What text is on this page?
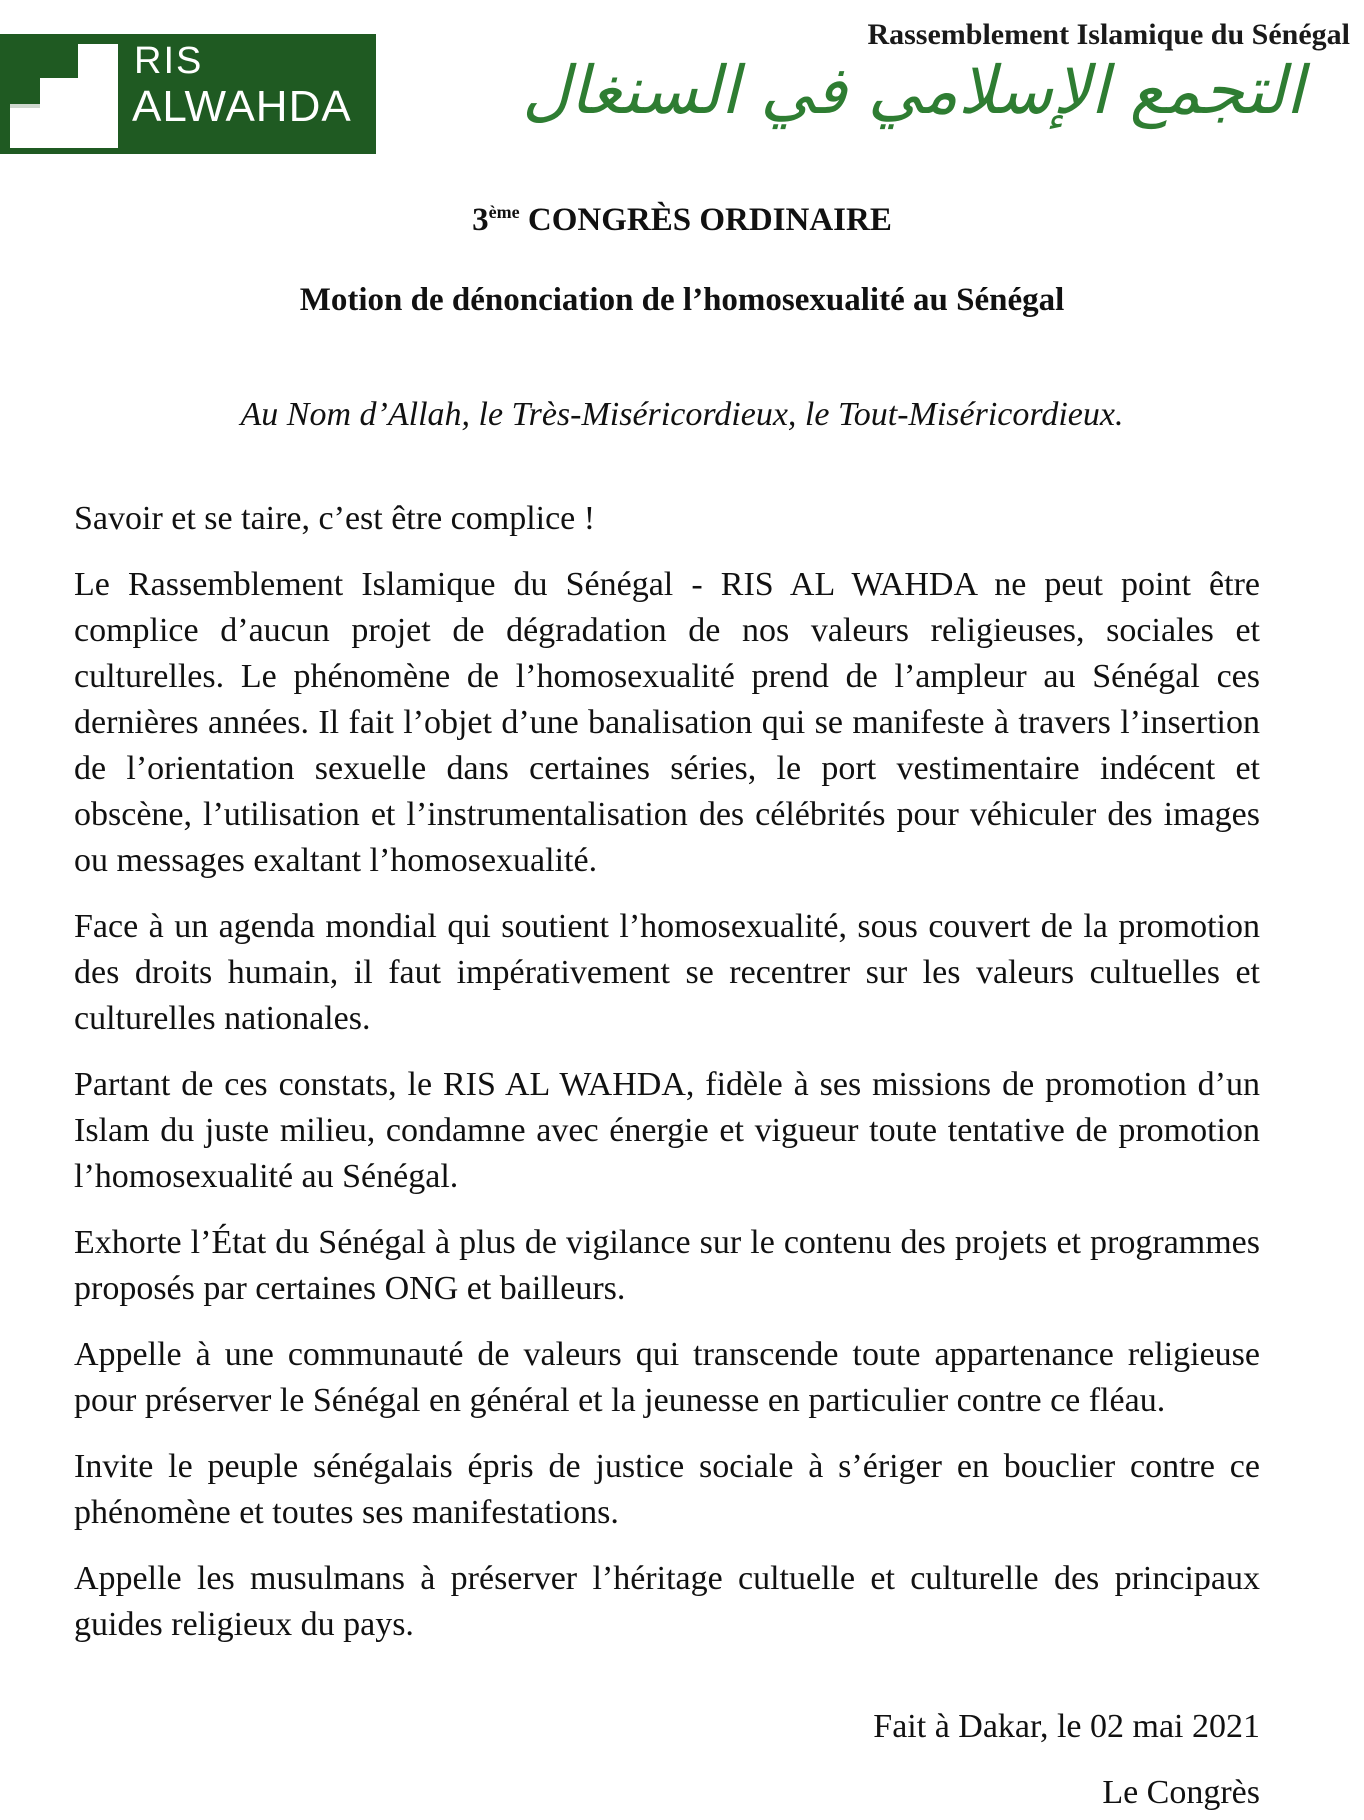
RIS
ALWAHDA
Rassemblement Islamique du Sénégal
التجمع الإسلامي في السنغال
3ème CONGRÈS ORDINAIRE
Motion de dénonciation de l’homosexualité au Sénégal
Au Nom d’Allah, le Très-Miséricordieux, le Tout-Miséricordieux.

Savoir et se taire, c’est être complice !

Le Rassemblement Islamique du Sénégal - RIS AL WAHDA ne peut point être complice d’aucun projet de dégradation de nos valeurs religieuses, sociales et culturelles. Le phénomène de l’homosexualité prend de l’ampleur au Sénégal ces dernières années. Il fait l’objet d’une banalisation qui se manifeste à travers l’insertion de l’orientation sexuelle dans certaines séries, le port vestimentaire indécent et obscène, l’utilisation et l’instrumentalisation des célébrités pour véhiculer des images ou messages exaltant l’homosexualité.

Face à un agenda mondial qui soutient l’homosexualité, sous couvert de la promotion des droits humain, il faut impérativement se recentrer sur les valeurs cultuelles et culturelles nationales.

Partant de ces constats, le RIS AL WAHDA, fidèle à ses missions de promotion d’un Islam du juste milieu, condamne avec énergie et vigueur toute tentative de promotion l’homosexualité au Sénégal.

Exhorte l’État du Sénégal à plus de vigilance sur le contenu des projets et programmes proposés par certaines ONG et bailleurs.

Appelle à une communauté de valeurs qui transcende toute appartenance religieuse pour préserver le Sénégal en général et la jeunesse en particulier contre ce fléau.

Invite le peuple sénégalais épris de justice sociale à s’ériger en bouclier contre ce phénomène et toutes ses manifestations.

Appelle les musulmans à préserver l’héritage cultuelle et culturelle des principaux guides religieux du pays.

Fait à Dakar, le 02 mai 2021
Le Congrès
